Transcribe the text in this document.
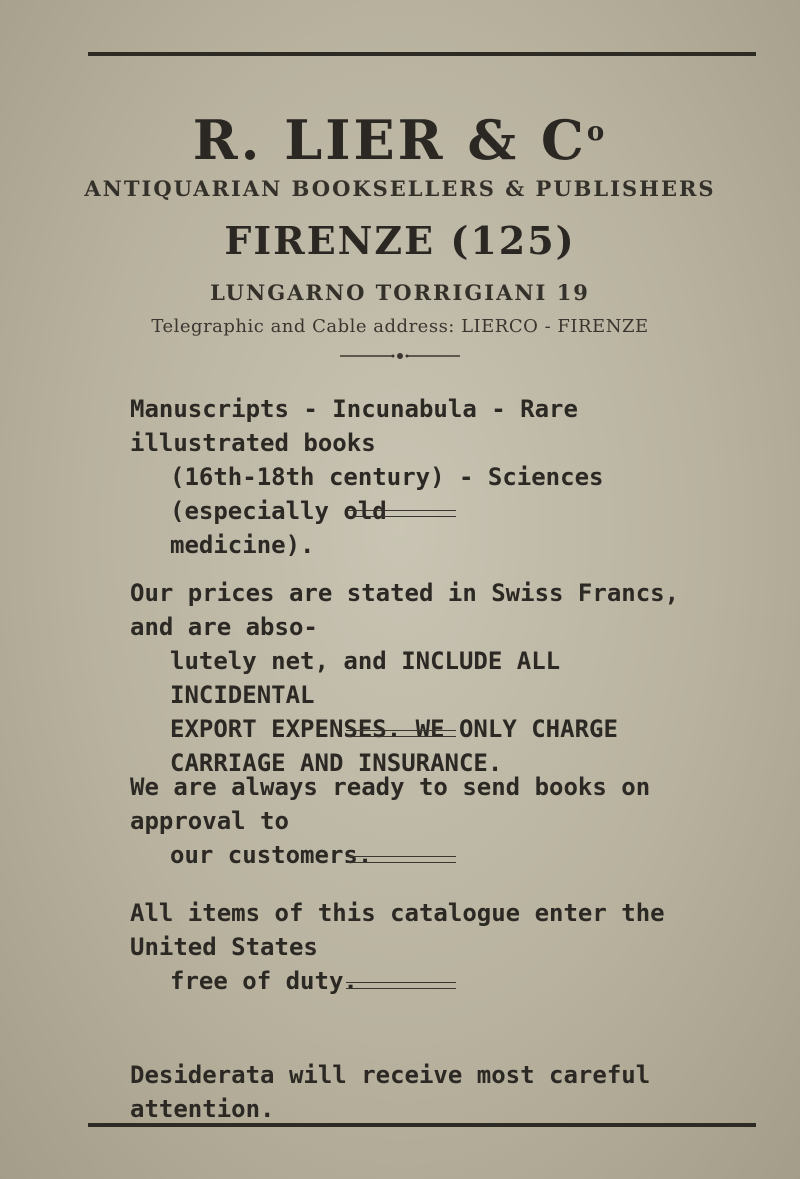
R. LIER & $C^o$
ANTIQUARIAN BOOKSELLERS & PUBLISHERS
FIRENZE (125)
LUNGARNO TORRIGIANI 19
Telegraphic and Cable address: LIERCO - FIRENZE
Manuscripts - Incunabula - Rare illustrated books

(16th-18th century) - Sciences (especially old
medicine).
Our prices are stated in Swiss Francs, and are abso-

lutely net, and INCLUDE ALL INCIDENTAL
EXPORT EXPENSES. WE ONLY CHARGE
CARRIAGE AND INSURANCE.
We are always ready to send books on approval to

our customers.
All items of this catalogue enter the United States

free of duty.
Desiderata will receive most careful attention.
